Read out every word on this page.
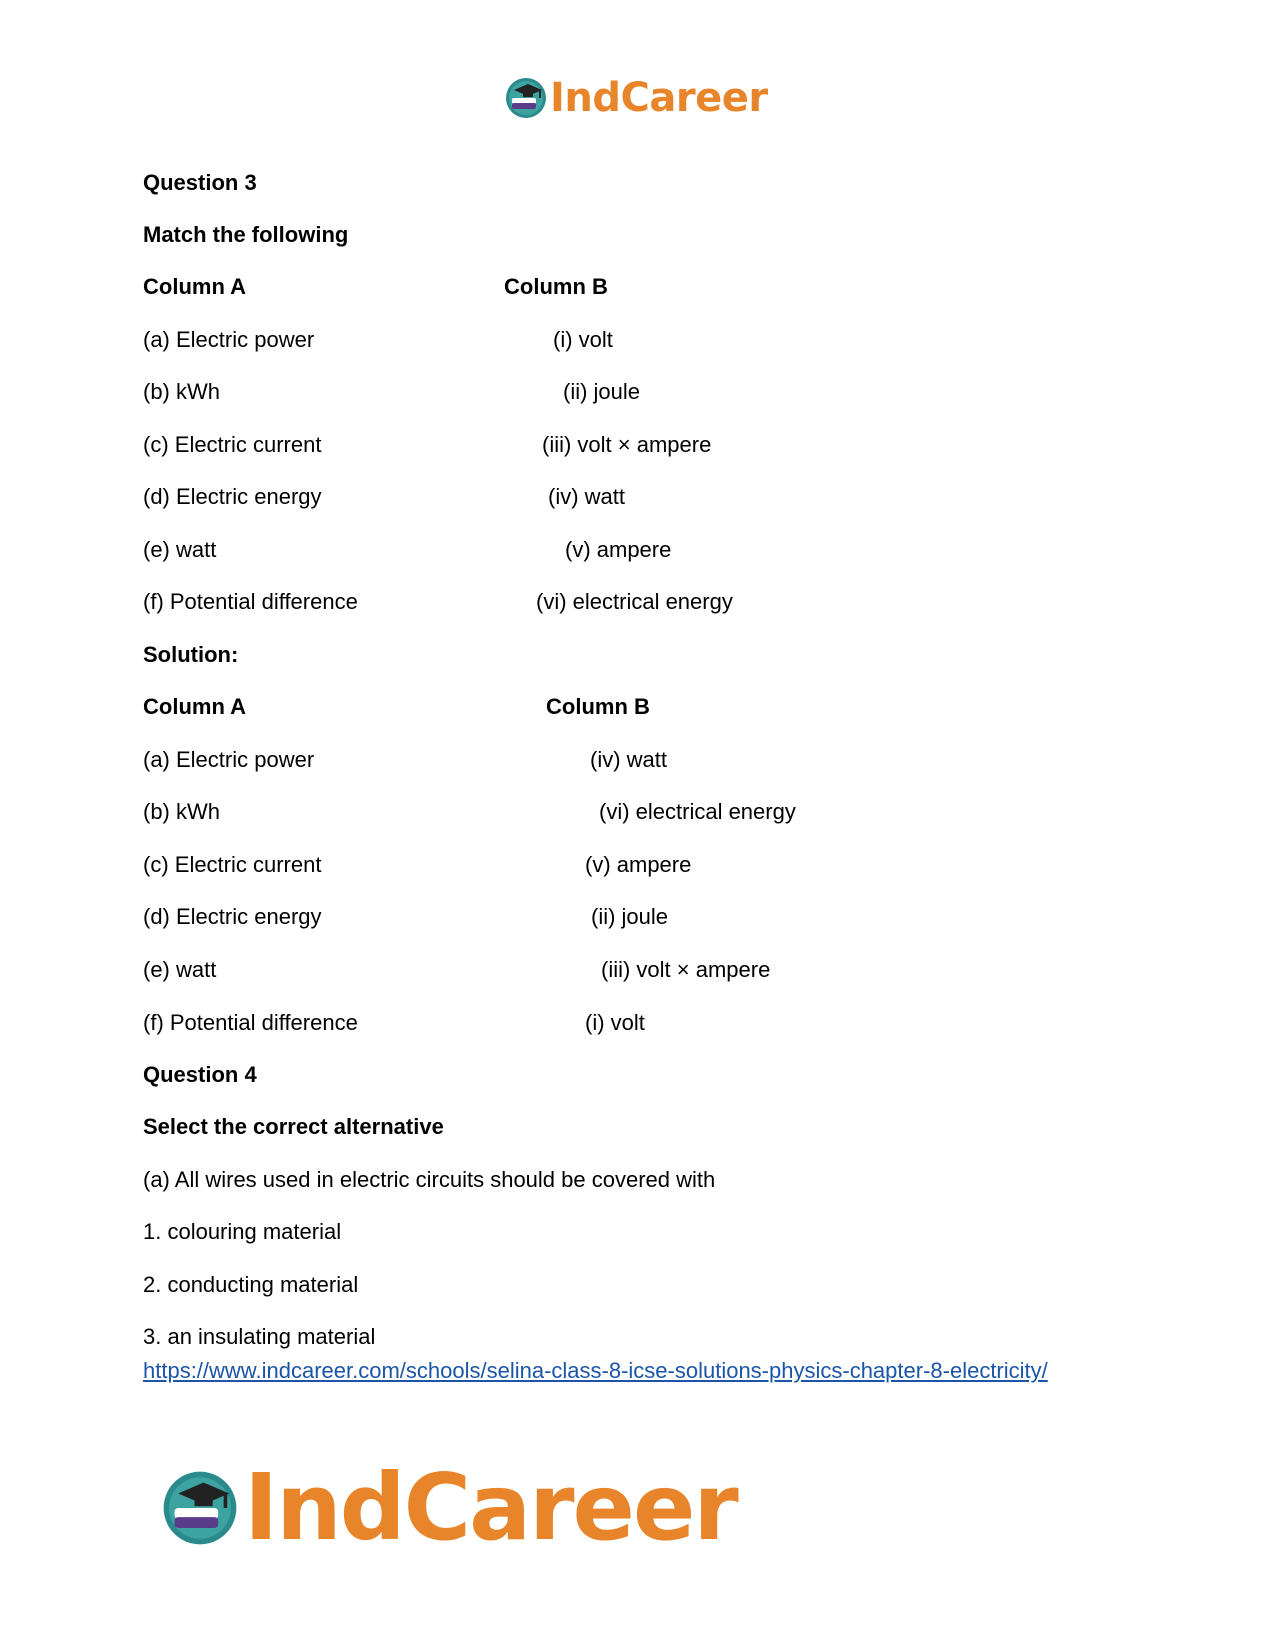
IndCareer
Question 3
Match the following
Column A	Column B
(a) Electric power	(i) volt
(b) kWh	(ii) joule
(c) Electric current	(iii) volt × ampere
(d) Electric energy	(iv) watt
(e) watt	(v) ampere
(f) Potential difference	(vi) electrical energy
Solution:
Column A	Column B
(a) Electric power	(iv) watt
(b) kWh	(vi) electrical energy
(c) Electric current	(v) ampere
(d) Electric energy	(ii) joule
(e) watt	(iii) volt × ampere
(f) Potential difference	(i) volt
Question 4
Select the correct alternative
(a) All wires used in electric circuits should be covered with
1. colouring material
2. conducting material
3. an insulating material
https://www.indcareer.com/schools/selina-class-8-icse-solutions-physics-chapter-8-electricity/
IndCareer
